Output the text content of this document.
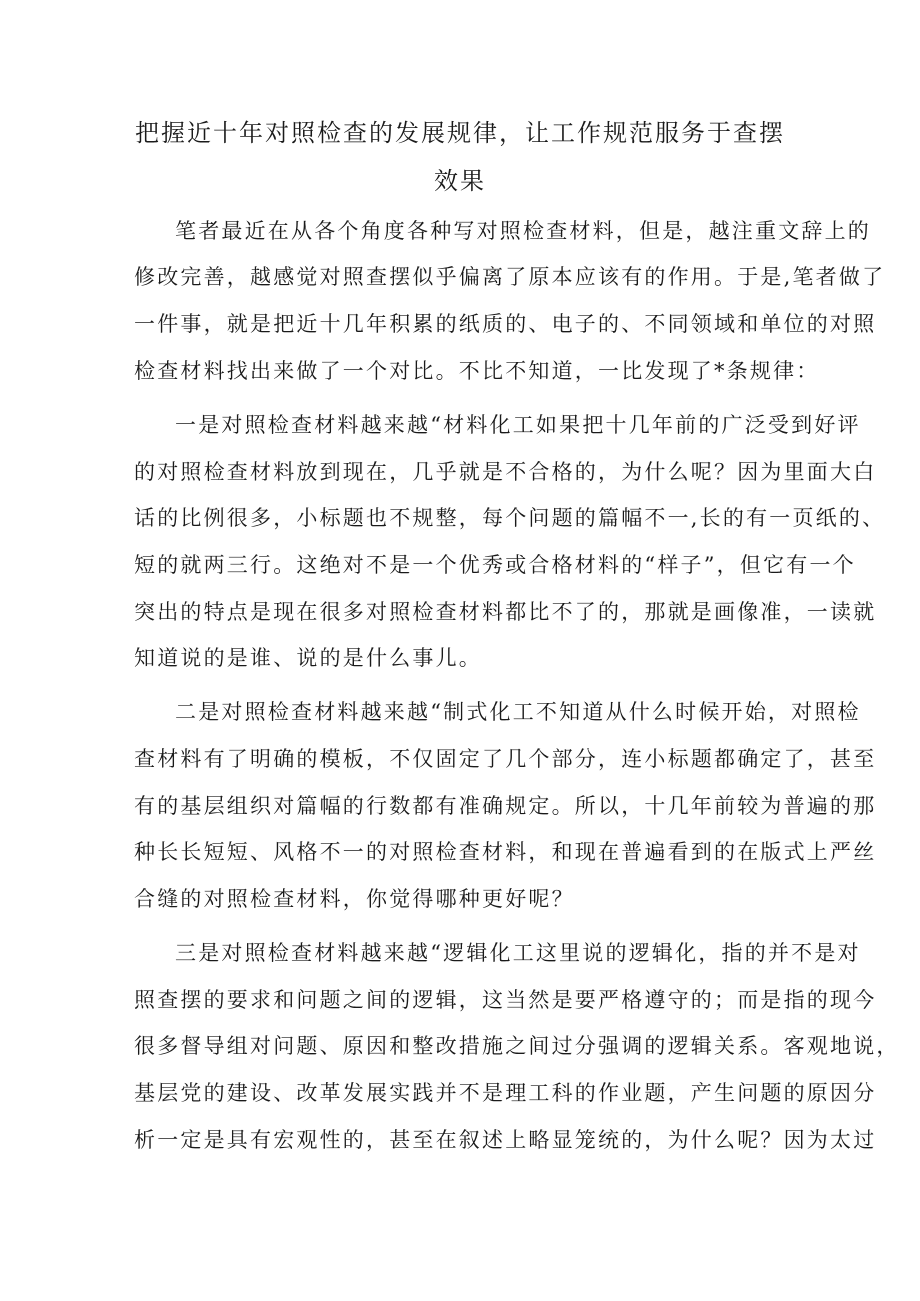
把握近十年对照检查的发展规律，让工作规范服务于查摆
效果

笔者最近在从各个角度各种写对照检查材料，但是，越注重文辞上的

修改完善，越感觉对照查摆似乎偏离了原本应该有的作用。于是,笔者做了

一件事，就是把近十几年积累的纸质的、电子的、不同领域和单位的对照

检查材料找出来做了一个对比。不比不知道，一比发现了*条规律：

一是对照检查材料越来越“材料化工如果把十几年前的广泛受到好评

的对照检查材料放到现在，几乎就是不合格的，为什么呢？因为里面大白

话的比例很多，小标题也不规整，每个问题的篇幅不一,长的有一页纸的、

短的就两三行。这绝对不是一个优秀或合格材料的“样子”，但它有一个

突出的特点是现在很多对照检查材料都比不了的，那就是画像准，一读就

知道说的是谁、说的是什么事儿。

二是对照检查材料越来越“制式化工不知道从什么时候开始，对照检

查材料有了明确的模板，不仅固定了几个部分，连小标题都确定了，甚至

有的基层组织对篇幅的行数都有准确规定。所以，十几年前较为普遍的那

种长长短短、风格不一的对照检查材料，和现在普遍看到的在版式上严丝

合缝的对照检查材料，你觉得哪种更好呢？

三是对照检查材料越来越“逻辑化工这里说的逻辑化，指的并不是对

照查摆的要求和问题之间的逻辑，这当然是要严格遵守的；而是指的现今

很多督导组对问题、原因和整改措施之间过分强调的逻辑关系。客观地说，

基层党的建设、改革发展实践并不是理工科的作业题，产生问题的原因分

析一定是具有宏观性的，甚至在叙述上略显笼统的，为什么呢？因为太过
